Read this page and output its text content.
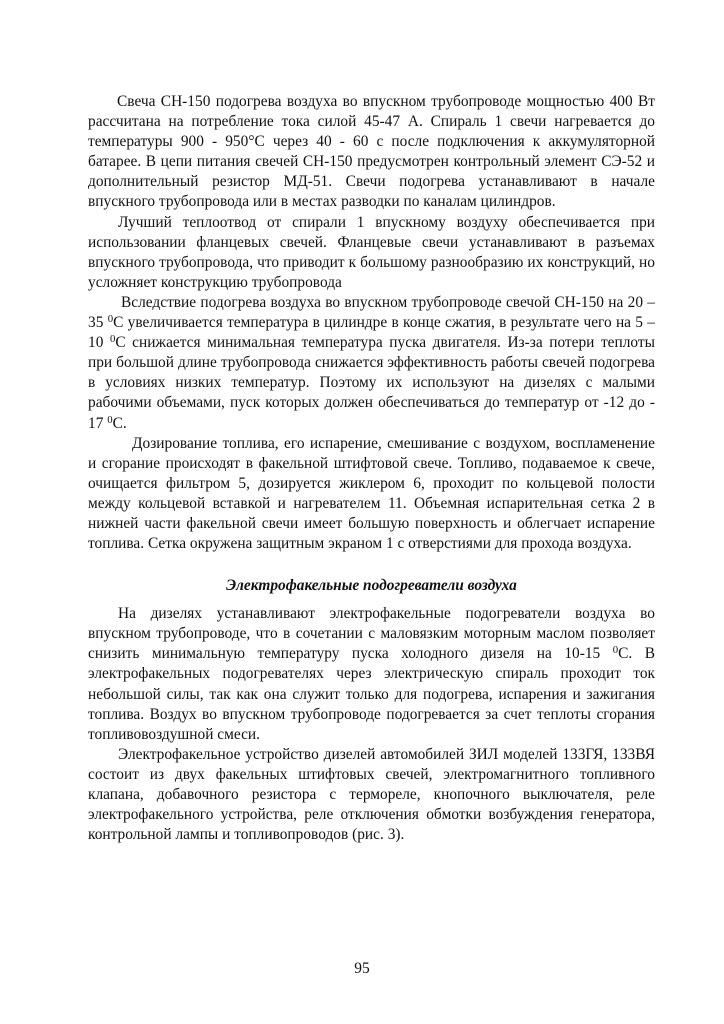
Свеча СН-150 подогрева воздуха во впускном трубопроводе мощностью 400 Вт рассчитана на потребление тока силой 45-47 А. Спираль 1 свечи нагревается до температуры 900 - 950°С через 40 - 60 с после подключения к аккумуляторной батарее. В цепи питания свечей СН-150 предусмотрен контрольный элемент СЭ-52 и дополнительный резистор МД-51. Свечи подогрева устанавливают в начале впускного трубопровода или в местах разводки по каналам цилиндров.

Лучший теплоотвод от спирали 1 впускному воздуху обеспечивается при использовании фланцевых свечей. Фланцевые свечи устанавливают в разъемах впускного трубопровода, что приводит к большому разнообразию их конструкций, но усложняет конструкцию трубопровода

Вследствие подогрева воздуха во впускном трубопроводе свечой СН-150 на 20 – 35 $^0$С увеличивается температура в цилиндре в конце сжатия, в результате чего на 5 – 10 $^0$С снижается минимальная температура пуска двигателя. Из-за потери теплоты при большой длине трубопровода снижается эффективность работы свечей подогрева в условиях низких температур. Поэтому их используют на дизелях с малыми рабочими объемами, пуск которых должен обеспечиваться до температур от -12 до - 17 $^0$С.

Дозирование топлива, его испарение, смешивание с воздухом, воспламенение и сгорание происходят в факельной штифтовой свече. Топливо, подаваемое к свече, очищается фильтром 5, дозируется жиклером 6, проходит по кольцевой полости между кольцевой вставкой и нагревателем 11. Объемная испарительная сетка 2 в нижней части факельной свечи имеет большую поверхность и облегчает испарение топлива. Сетка окружена защитным экраном 1 с отверстиями для прохода воздуха.

Электрофакельные подогреватели воздуха

На дизелях устанавливают электрофакельные подогреватели воздуха во впускном трубопроводе, что в сочетании с маловязким моторным маслом позволяет снизить минимальную температуру пуска холодного дизеля на 10-15 $^0$С. В электрофакельных подогревателях через электрическую спираль проходит ток небольшой силы, так как она служит только для подогрева, испарения и зажигания топлива. Воздух во впускном трубопроводе подогревается за счет теплоты сгорания топливовоздушной смеси.

Электрофакельное устройство дизелей автомобилей ЗИЛ моделей 133ГЯ, 133ВЯ состоит из двух факельных штифтовых свечей, электромагнитного топливного клапана, добавочного резистора с термореле, кнопочного выключателя, реле электрофакельного устройства, реле отключения обмотки возбуждения генератора, контрольной лампы и топливопроводов (рис. 3).

95
